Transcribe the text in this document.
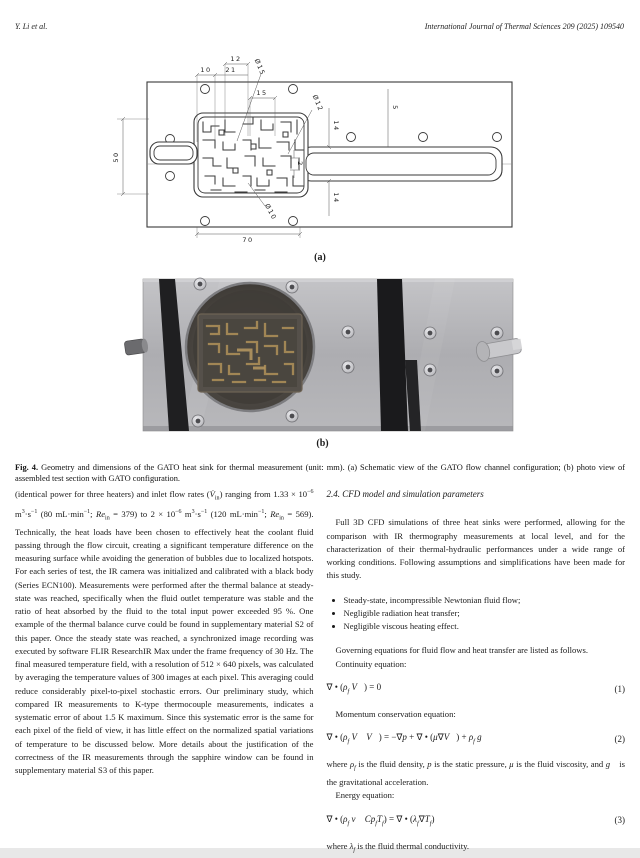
Y. Li et al.	International Journal of Thermal Sciences 209 (2025) 109540
12
10 21
15
Ø15
Ø12	5
14
2
14
50
70
Ø10
(a)
(b)
Fig. 4. Geometry and dimensions of the GATO heat sink for thermal measurement (unit: mm). (a) Schematic view of the GATO flow channel configuration; (b) photo view of assembled test section with GATO configuration.

(identical power for three heaters) and inlet flow rates $(V̇_{in})$ ranging from $1.33 \times 10^{-6}$ $m^3\cdot s^{-1}$ (80 $mL\cdot\min^{-1}$; $Re_{in} = 379$) to $2 \times 10^{-6}$ $m^3\cdot s^{-1}$ (120 $mL\cdot\min^{-1}$; $Re_{in} = 569$). Technically, the heat loads have been chosen to effectively heat the coolant fluid passing through the flow circuit, creating a significant temperature difference on the measuring surface while avoiding the generation of bubbles due to localized hotspots. For each series of test, the IR camera was initialized and calibrated with a black body (Series ECN100). Measurements were performed after the thermal balance at steady-state was reached, specifically when the fluid outlet temperature was stable and the ratio of heat absorbed by the fluid to the total input power exceeded 95 %. One example of the thermal balance curve could be found in supplementary material S2 of this paper. Once the steady state was reached, a synchronized image recording was executed by software FLIR ResearchIR Max under the frame frequency of 30 Hz. The final measured temperature field, with a resolution of 512 × 640 pixels, was calculated by averaging the temperature values of 300 images at each pixel. This averaging could reduce considerably pixel-to-pixel stochastic errors. Our preliminary study, which compared IR measurements to K-type thermocouple measurements, indicates a systematic error of about 1.5 K maximum. Since this systematic error is the same for each pixel of the field of view, it has little effect on the normalized spatial variations of temperature to be discussed below. More details about the justification of the correctness of the IR measurements through the sapphire window can be found in supplementary material S3 of this paper.

2.4. CFD model and simulation parameters

Full 3D CFD simulations of three heat sinks were performed, allowing for the comparison with IR thermography measurements at local level, and for the characterization of their thermal-hydraulic performances under a wide range of working conditions. Following assumptions and simplifications have been made for this study.

• Steady-state, incompressible Newtonian fluid flow;
• Negligible radiation heat transfer;
• Negligible viscous heating effect.

Governing equations for fluid flow and heat transfer are listed as follows.

Continuity equation:

∇ • ($\rho_f$ V⃗) = 0	(1)

Momentum conservation equation:

∇ • ($\rho_f$ V⃗ V⃗) = −∇p + ∇ • (μ∇V⃗) + $\rho_f$ g⃗	(2)

where $\rho_f$ is the fluid density, p is the static pressure, μ is the fluid viscosity, and g⃗ is the gravitational acceleration.

Energy equation:

∇ • ($\rho_f$ v⃗ $Cp_fT_f$) = ∇ • $(\lambda_f\nabla T_f)$	(3)

where $\lambda_f$ is the fluid thermal conductivity.
